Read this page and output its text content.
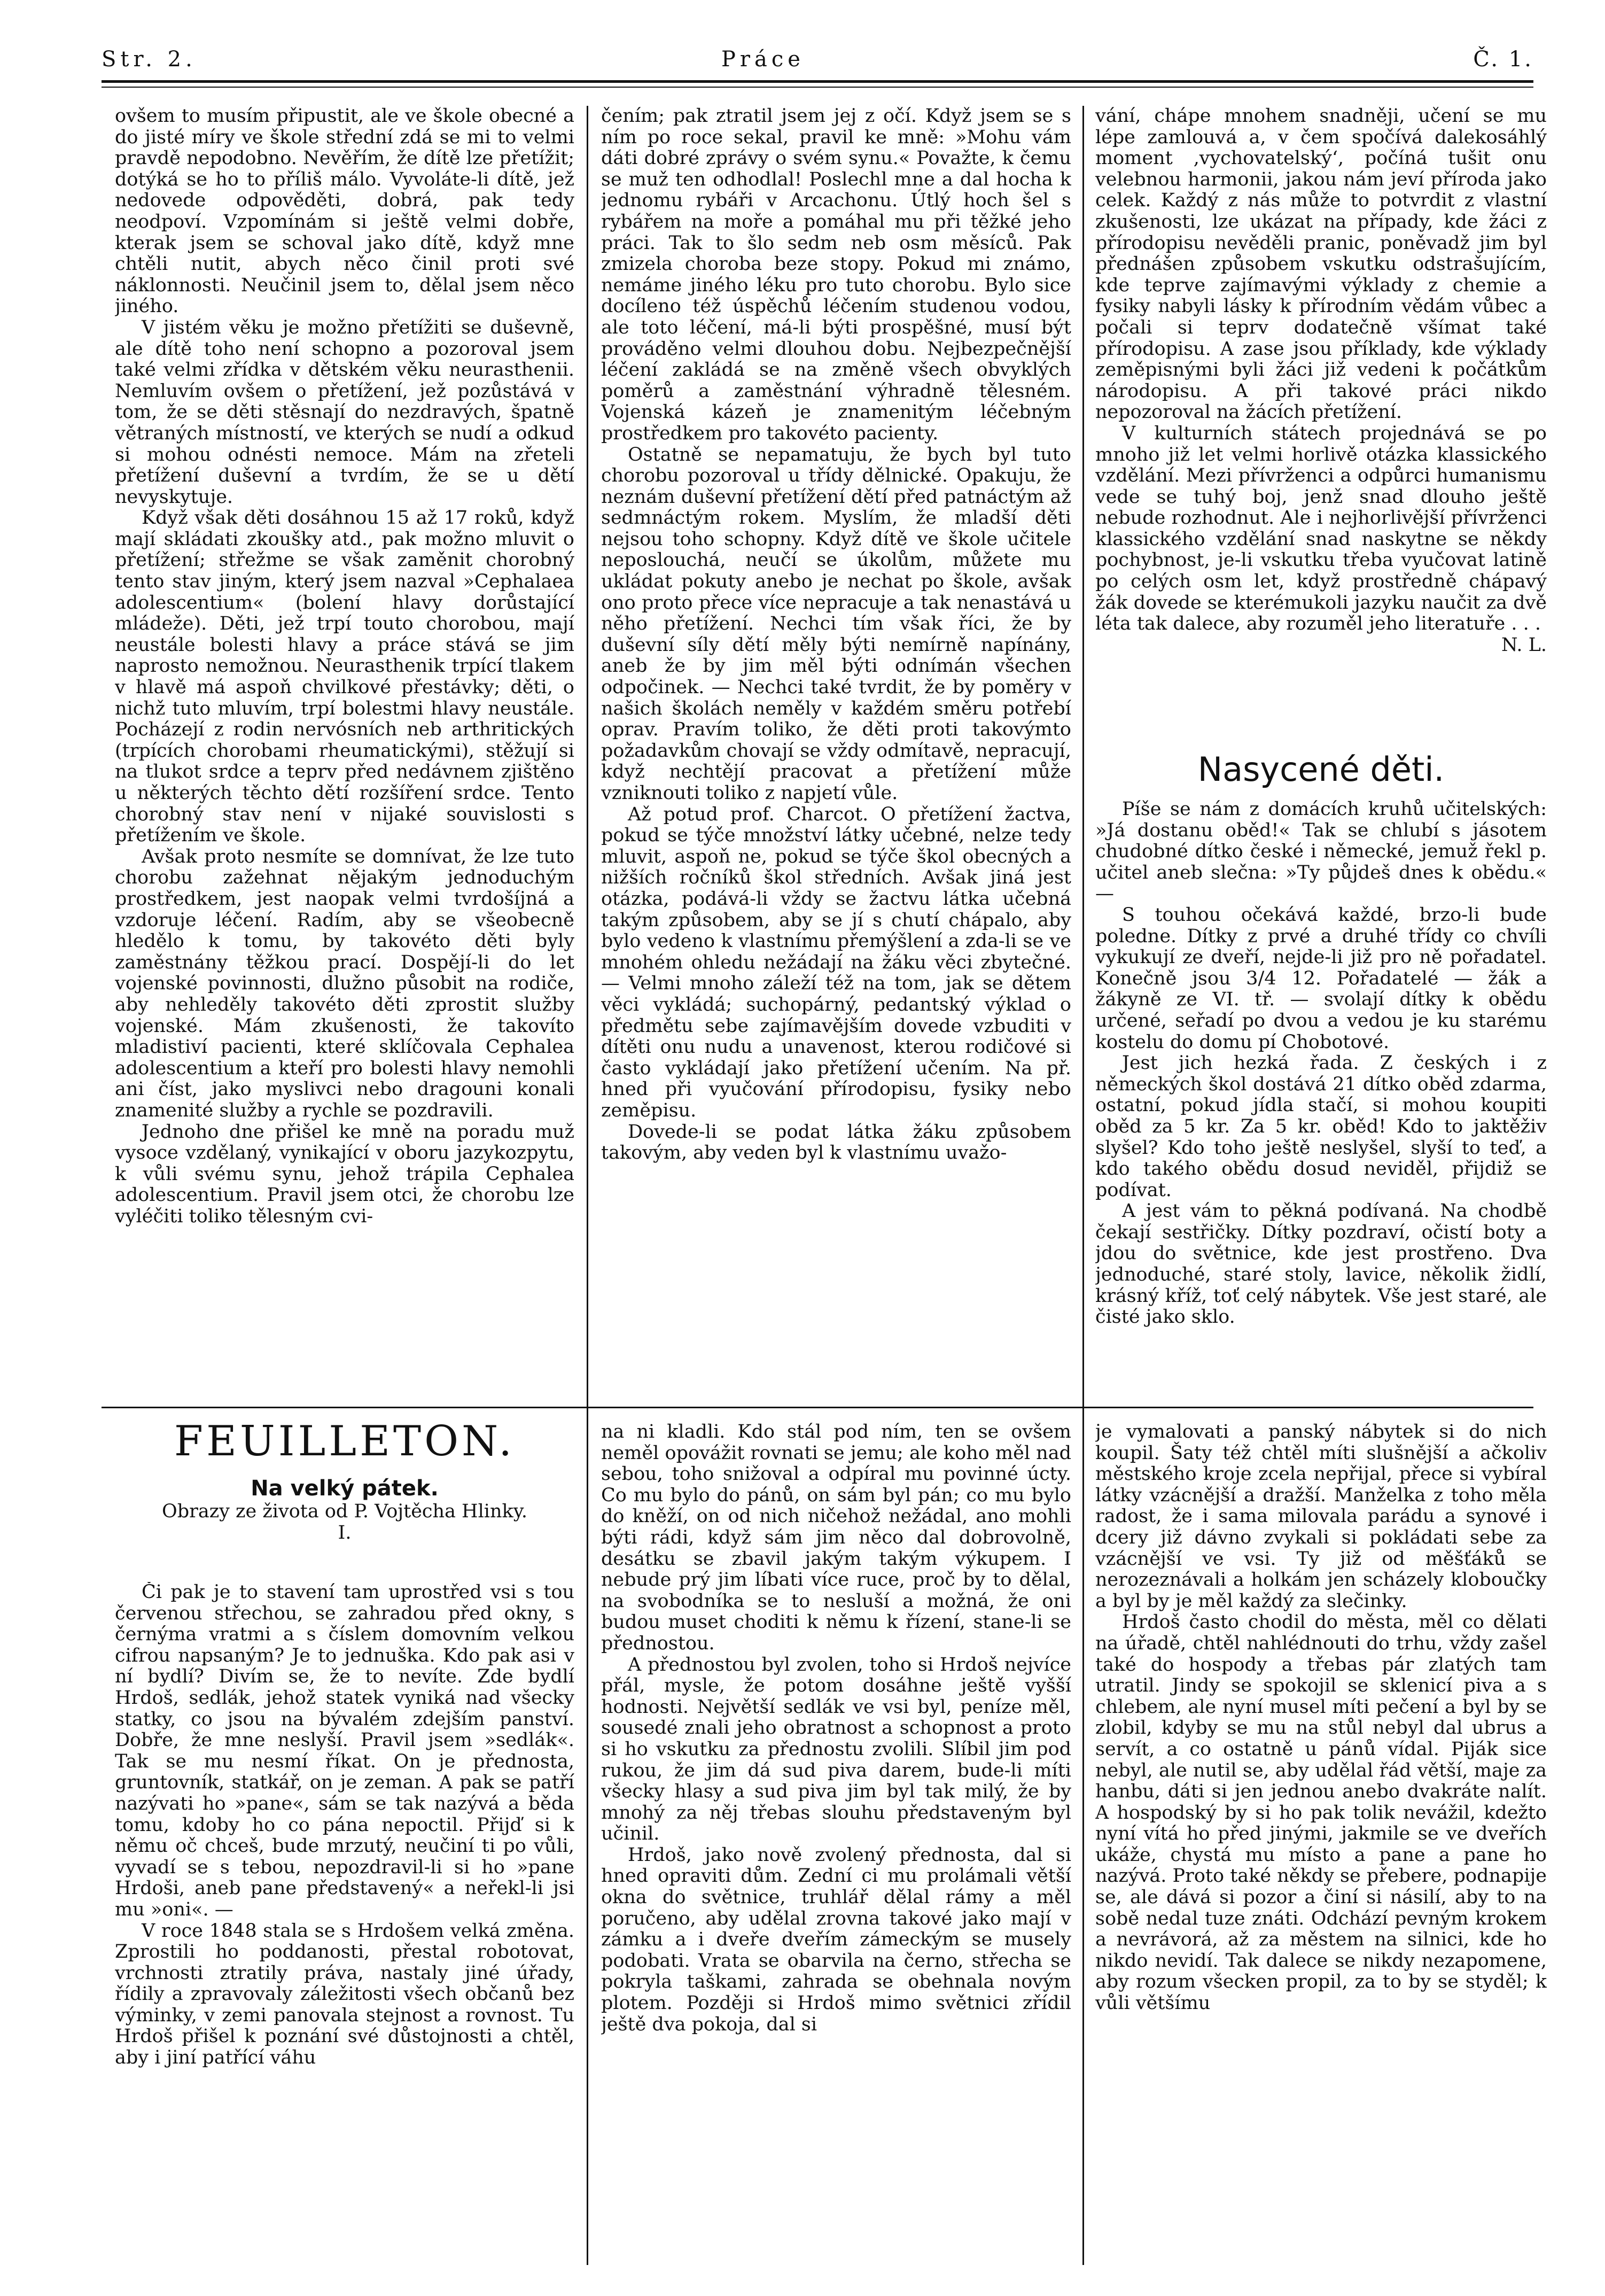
Str. 2.	Práce	Č. 1.

ovšem to musím připustit, ale ve škole obecné a do jisté míry ve škole střední zdá se mi to velmi pravdě nepodobno. Nevěřím, že dítě lze přetížit; dotýká se ho to příliš málo. Vyvoláte-li dítě, jež nedovede odpověděti, dobrá, pak tedy neodpoví. Vzpomínám si ještě velmi dobře, kterak jsem se schoval jako dítě, když mne chtěli nutit, abych něco činil proti své náklonnosti. Neučinil jsem to, dělal jsem něco jiného.

V jistém věku je možno přetížiti se duševně, ale dítě toho není schopno a pozoroval jsem také velmi zřídka v dětském věku neurasthenii. Nemluvím ovšem o přetížení, jež pozůstává v tom, že se děti stěsnají do nezdravých, špatně větraných místností, ve kterých se nudí a odkud si mohou odnésti nemoce. Mám na zřeteli přetížení duševní a tvrdím, že se u dětí nevyskytuje.

Když však děti dosáhnou 15 až 17 roků, když mají skládati zkoušky atd., pak možno mluvit o přetížení; střežme se však zaměnit chorobný tento stav jiným, který jsem nazval »Cephalaea adolescentium« (bolení hlavy dorůstající mládeže). Děti, jež trpí touto chorobou, mají neustále bolesti hlavy a práce stává se jim naprosto nemožnou. Neurasthenik trpící tlakem v hlavě má aspoň chvilkové přestávky; děti, o nichž tuto mluvím, trpí bolestmi hlavy neustále. Pocházejí z rodin nervósních neb arthritických (trpících chorobami rheumatickými), stěžují si na tlukot srdce a teprv před nedávnem zjištěno u některých těchto dětí rozšíření srdce. Tento chorobný stav není v nijaké souvislosti s přetížením ve škole.

Avšak proto nesmíte se domnívat, že lze tuto chorobu zažehnat nějakým jednoduchým prostředkem, jest naopak velmi tvrdošíjná a vzdoruje léčení. Radím, aby se všeobecně hledělo k tomu, by takovéto děti byly zaměstnány těžkou prací. Dospějí-li do let vojenské povinnosti, dlužno působit na rodiče, aby nehleděly takovéto děti zprostit služby vojenské. Mám zkušenosti, že takovíto mladistiví pacienti, které sklíčovala Cephalea adolescentium a kteří pro bolesti hlavy nemohli ani číst, jako myslivci nebo dragouni konali znamenité služby a rychle se pozdravili.

Jednoho dne přišel ke mně na poradu muž vysoce vzdělaný, vynikající v oboru jazykozpytu, k vůli svému synu, jehož trápila Cephalea adolescentium. Pravil jsem otci, že chorobu lze vyléčiti toliko tělesným cvi-

čením; pak ztratil jsem jej z očí. Když jsem se s ním po roce sekal, pravil ke mně: »Mohu vám dáti dobré zprávy o svém synu.« Považte, k čemu se muž ten odhodlal! Poslechl mne a dal hocha k jednomu rybáři v Arcachonu. Útlý hoch šel s rybářem na moře a pomáhal mu při těžké jeho práci. Tak to šlo sedm neb osm měsíců. Pak zmizela choroba beze stopy. Pokud mi známo, nemáme jiného léku pro tuto chorobu. Bylo sice docíleno též úspěchů léčením studenou vodou, ale toto léčení, má-li býti prospěšné, musí být prováděno velmi dlouhou dobu. Nejbezpečnější léčení zakládá se na změně všech obvyklých poměrů a zaměstnání výhradně tělesném. Vojenská kázeň je znamenitým léčebným prostředkem pro takovéto pacienty.

Ostatně se nepamatuju, že bych byl tuto chorobu pozoroval u třídy dělnické. Opakuju, že neznám duševní přetížení dětí před patnáctým až sedmnáctým rokem. Myslím, že mladší děti nejsou toho schopny. Když dítě ve škole učitele neposlouchá, neučí se úkolům, můžete mu ukládat pokuty anebo je nechat po škole, avšak ono proto přece více nepracuje a tak nenastává u něho přetížení. Nechci tím však říci, že by duševní síly dětí měly býti nemírně napínány, aneb že by jim měl býti odnímán všechen odpočinek. — Nechci také tvrdit, že by poměry v našich školách neměly v každém směru potřebí oprav. Pravím toliko, že děti proti takovýmto požadavkům chovají se vždy odmítavě, nepracují, když nechtějí pracovat a přetížení může vzniknouti toliko z napjetí vůle.

Až potud prof. Charcot. O přetížení žactva, pokud se týče množství látky učebné, nelze tedy mluvit, aspoň ne, pokud se týče škol obecných a nižších ročníků škol středních. Avšak jiná jest otázka, podává-li vždy se žactvu látka učebná takým způsobem, aby se jí s chutí chápalo, aby bylo vedeno k vlastnímu přemýšlení a zda-li se ve mnohém ohledu nežádají na žáku věci zbytečné. — Velmi mnoho záleží též na tom, jak se dětem věci vykládá; suchopárný, pedantský výklad o předmětu sebe zajímavějším dovede vzbuditi v dítěti onu nudu a unavenost, kterou rodičové si často vykládají jako přetížení učením. Na př. hned při vyučování přírodopisu, fysiky nebo zeměpisu.

Dovede-li se podat látka žáku způsobem takovým, aby veden byl k vlastnímu uvažo-

vání, chápe mnohem snadněji, učení se mu lépe zamlouvá a, v čem spočívá dalekosáhlý moment ‚vychovatelský‘, počíná tušit onu velebnou harmonii, jakou nám jeví příroda jako celek. Každý z nás může to potvrdit z vlastní zkušenosti, lze ukázat na případy, kde žáci z přírodopisu nevěděli pranic, poněvadž jim byl přednášen způsobem vskutku odstrašujícím, kde teprve zajímavými výklady z chemie a fysiky nabyli lásky k přírodním vědám vůbec a počali si teprv dodatečně všímat také přírodopisu. A zase jsou příklady, kde výklady zeměpisnými byli žáci již vedeni k počátkům národopisu. A při takové práci nikdo nepozoroval na žácích přetížení.

V kulturních státech projednává se po mnoho již let velmi horlivě otázka klassického vzdělání. Mezi přívrženci a odpůrci humanismu vede se tuhý boj, jenž snad dlouho ještě nebude rozhodnut. Ale i nejhorlivější přívrženci klassického vzdělání snad naskytne se někdy pochybnost, je-li vskutku třeba vyučovat latině po celých osm let, když prostředně chápavý žák dovede se kterémukoli jazyku naučit za dvě léta tak dalece, aby rozuměl jeho literatuře . . .

N. L.

Nasycené děti.

Píše se nám z domácích kruhů učitelských: »Já dostanu oběd!« Tak se chlubí s jásotem chudobné dítko české i německé, jemuž řekl p. učitel aneb slečna: »Ty půjdeš dnes k obědu.« —

S touhou očekává každé, brzo-li bude poledne. Dítky z prvé a druhé třídy co chvíli vykukují ze dveří, nejde-li již pro ně pořadatel. Konečně jsou 3/4 12. Pořadatelé — žák a žákyně ze VI. tř. — svolají dítky k obědu určené, seřadí po dvou a vedou je ku starému kostelu do domu pí Chobotové.

Jest jich hezká řada. Z českých i z německých škol dostává 21 dítko oběd zdarma, ostatní, pokud jídla stačí, si mohou koupiti oběd za 5 kr. Za 5 kr. oběd! Kdo to jaktěživ slyšel? Kdo toho ještě neslyšel, slyší to teď, a kdo takého obědu dosud neviděl, přijdiž se podívat.

A jest vám to pěkná podívaná. Na chodbě čekají sestřičky. Dítky pozdraví, očistí boty a jdou do světnice, kde jest prostřeno. Dva jednoduché, staré stoly, lavice, několik židlí, krásný kříž, toť celý nábytek. Vše jest staré, ale čisté jako sklo.

FEUILLETON.
Na velký pátek.
Obrazy ze života od P. Vojtěcha Hlinky.
I.

Či pak je to stavení tam uprostřed vsi s tou červenou střechou, se zahradou před okny, s černýma vratmi a s číslem domovním velkou cifrou napsaným? Je to jednuška. Kdo pak asi v ní bydlí? Divím se, že to nevíte. Zde bydlí Hrdoš, sedlák, jehož statek vyniká nad všecky statky, co jsou na bývalém zdejším panství. Dobře, že mne neslyší. Pravil jsem »sedlák«. Tak se mu nesmí říkat. On je přednosta, gruntovník, statkář, on je zeman. A pak se patří nazývati ho »pane«, sám se tak nazývá a běda tomu, kdoby ho co pána nepoctil. Přijď si k němu oč chceš, bude mrzutý, neučiní ti po vůli, vyvadí se s tebou, nepozdravil-li si ho »pane Hrdoši, aneb pane představený« a neřekl-li jsi mu »oni«. —

V roce 1848 stala se s Hrdošem velká změna. Zprostili ho poddanosti, přestal robotovat, vrchnosti ztratily práva, nastaly jiné úřady, řídily a zpravovaly záležitosti všech občanů bez výminky, v zemi panovala stejnost a rovnost. Tu Hrdoš přišel k poznání své důstojnosti a chtěl, aby i jiní patřící váhu

na ni kladli. Kdo stál pod ním, ten se ovšem neměl opovážit rovnati se jemu; ale koho měl nad sebou, toho snižoval a odpíral mu povinné úcty. Co mu bylo do pánů, on sám byl pán; co mu bylo do kněží, on od nich ničehož nežádal, ano mohli býti rádi, když sám jim něco dal dobrovolně, desátku se zbavil jakým takým výkupem. I nebude prý jim líbati více ruce, proč by to dělal, na svobodníka se to nesluší a možná, že oni budou muset choditi k němu k řízení, stane-li se přednostou.

A přednostou byl zvolen, toho si Hrdoš nejvíce přál, mysle, že potom dosáhne ještě vyšší hodnosti. Největší sedlák ve vsi byl, peníze měl, sousedé znali jeho obratnost a schopnost a proto si ho vskutku za přednostu zvolili. Slíbil jim pod rukou, že jim dá sud piva darem, bude-li míti všecky hlasy a sud piva jim byl tak milý, že by mnohý za něj třebas slouhu představeným byl učinil.

Hrdoš, jako nově zvolený přednosta, dal si hned opraviti dům. Zední ci mu prolámali větší okna do světnice, truhlář dělal rámy a měl poručeno, aby udělal zrovna takové jako mají v zámku a i dveře dveřím zámeckým se musely podobati. Vrata se obarvila na černo, střecha se pokryla taškami, zahrada se obehnala novým plotem. Později si Hrdoš mimo světnici zřídil ještě dva pokoja, dal si

je vymalovati a panský nábytek si do nich koupil. Šaty též chtěl míti slušnější a ačkoliv městského kroje zcela nepřijal, přece si vybíral látky vzácnější a dražší. Manželka z toho měla radost, že i sama milovala parádu a synové i dcery již dávno zvykali si pokládati sebe za vzácnější ve vsi. Ty již od měšťáků se nerozeznávali a holkám jen scházely kloboučky a byl by je měl každý za slečinky.

Hrdoš často chodil do města, měl co dělati na úřadě, chtěl nahlédnouti do trhu, vždy zašel také do hospody a třebas pár zlatých tam utratil. Jindy se spokojil se sklenicí piva a s chlebem, ale nyní musel míti pečení a byl by se zlobil, kdyby se mu na stůl nebyl dal ubrus a servít, a co ostatně u pánů vídal. Piják sice nebyl, ale nutil se, aby udělal řád větší, maje za hanbu, dáti si jen jednou anebo dvakráte nalít. A hospodský by si ho pak tolik nevážil, kdežto nyní vítá ho před jinými, jakmile se ve dveřích ukáže, chystá mu místo a pane a pane ho nazývá. Proto také někdy se přebere, podnapije se, ale dává si pozor a činí si násilí, aby to na sobě nedal tuze znáti. Odchází pevným krokem a nevrávorá, až za městem na silnici, kde ho nikdo nevidí. Tak dalece se nikdy nezapomene, aby rozum všecken propil, za to by se styděl; k vůli většímu
